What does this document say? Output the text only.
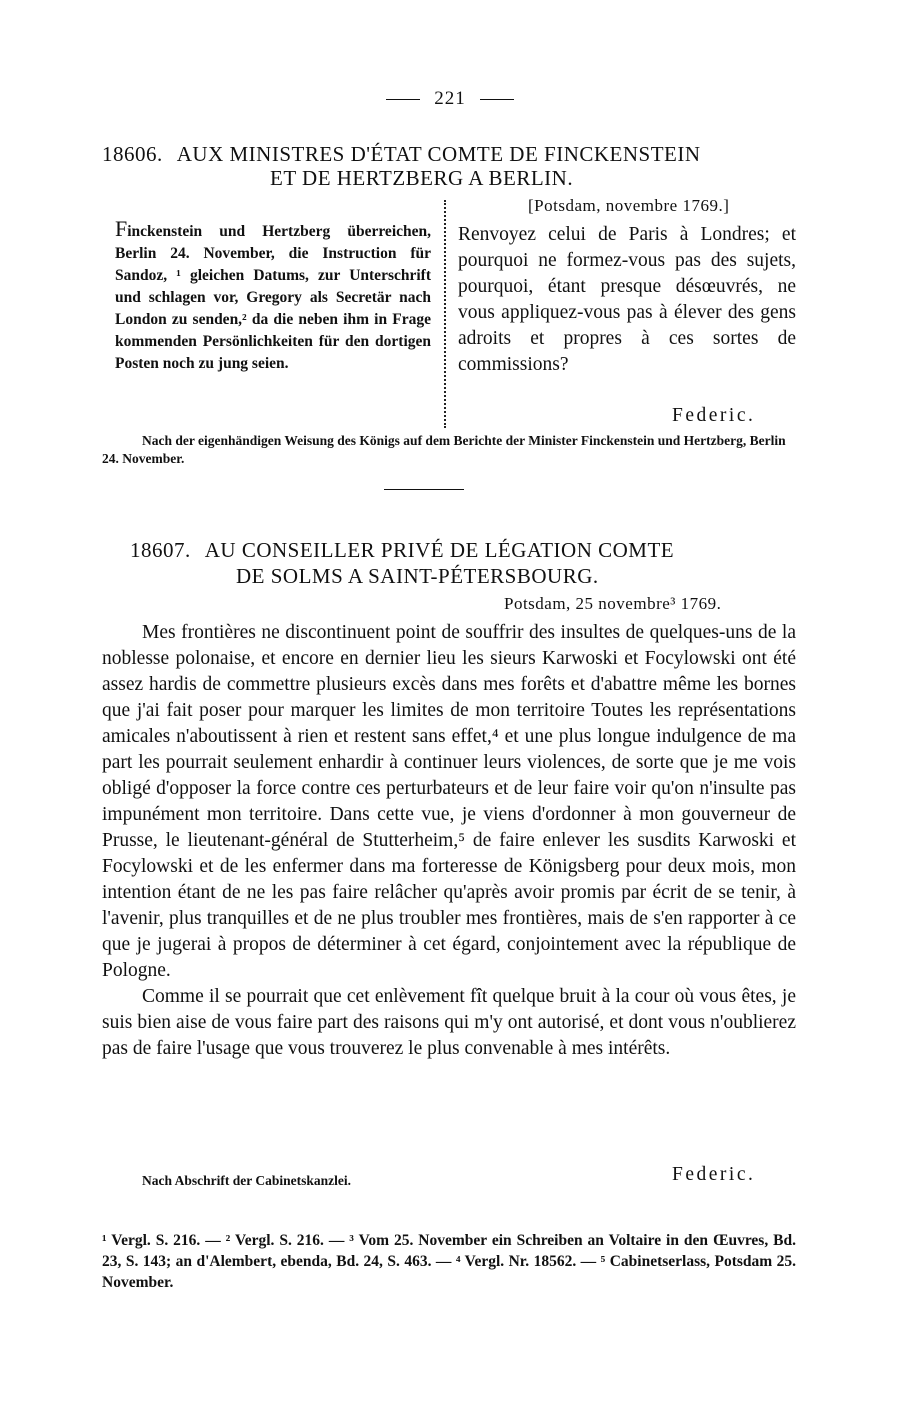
221
18606. AUX MINISTRES D'ÉTAT COMTE DE FINCKENSTEIN
ET DE HERTZBERG A BERLIN.
Finckenstein und Hertzberg überreichen, Berlin 24. November, die Instruction für Sandoz, ¹ gleichen Datums, zur Unterschrift und schlagen vor, Gregory als Secretär nach London zu senden,² da die neben ihm in Frage kommenden Persönlichkeiten für den dortigen Posten noch zu jung seien.
[Potsdam, novembre 1769.]
Renvoyez celui de Paris à Londres; et pourquoi ne formez-vous pas des sujets, pourquoi, étant presque désœuvrés, ne vous appliquez-vous pas à élever des gens adroits et propres à ces sortes de commissions?
Federic.
Nach der eigenhändigen Weisung des Königs auf dem Berichte der Minister Finckenstein und Hertzberg, Berlin 24. November.
18607. AU CONSEILLER PRIVÉ DE LÉGATION COMTE
DE SOLMS A SAINT-PÉTERSBOURG.
Potsdam, 25 novembre³ 1769.

Mes frontières ne discontinuent point de souffrir des insultes de quelques-uns de la noblesse polonaise, et encore en dernier lieu les sieurs Karwoski et Focylowski ont été assez hardis de commettre plusieurs excès dans mes forêts et d'abattre même les bornes que j'ai fait poser pour marquer les limites de mon territoire Toutes les représentations amicales n'aboutissent à rien et restent sans effet,⁴ et une plus longue indulgence de ma part les pourrait seulement enhardir à continuer leurs violences, de sorte que je me vois obligé d'opposer la force contre ces perturbateurs et de leur faire voir qu'on n'insulte pas impunément mon territoire. Dans cette vue, je viens d'ordonner à mon gouverneur de Prusse, le lieutenant-général de Stutterheim,⁵ de faire enlever les susdits Karwoski et Focylowski et de les enfermer dans ma forteresse de Königsberg pour deux mois, mon intention étant de ne les pas faire relâcher qu'après avoir promis par écrit de se tenir, à l'avenir, plus tranquilles et de ne plus troubler mes frontières, mais de s'en rapporter à ce que je jugerai à propos de déterminer à cet égard, conjointement avec la république de Pologne.

Comme il se pourrait que cet enlèvement fît quelque bruit à la cour où vous êtes, je suis bien aise de vous faire part des raisons qui m'y ont autorisé, et dont vous n'oublierez pas de faire l'usage que vous trouverez le plus convenable à mes intérêts.

Nach Abschrift der Cabinetskanzlei.	Federic.
¹ Vergl. S. 216. — ² Vergl. S. 216. — ³ Vom 25. November ein Schreiben an Voltaire in den Œuvres, Bd. 23, S. 143; an d'Alembert, ebenda, Bd. 24, S. 463. — ⁴ Vergl. Nr. 18562. — ⁵ Cabinetserlass, Potsdam 25. November.
